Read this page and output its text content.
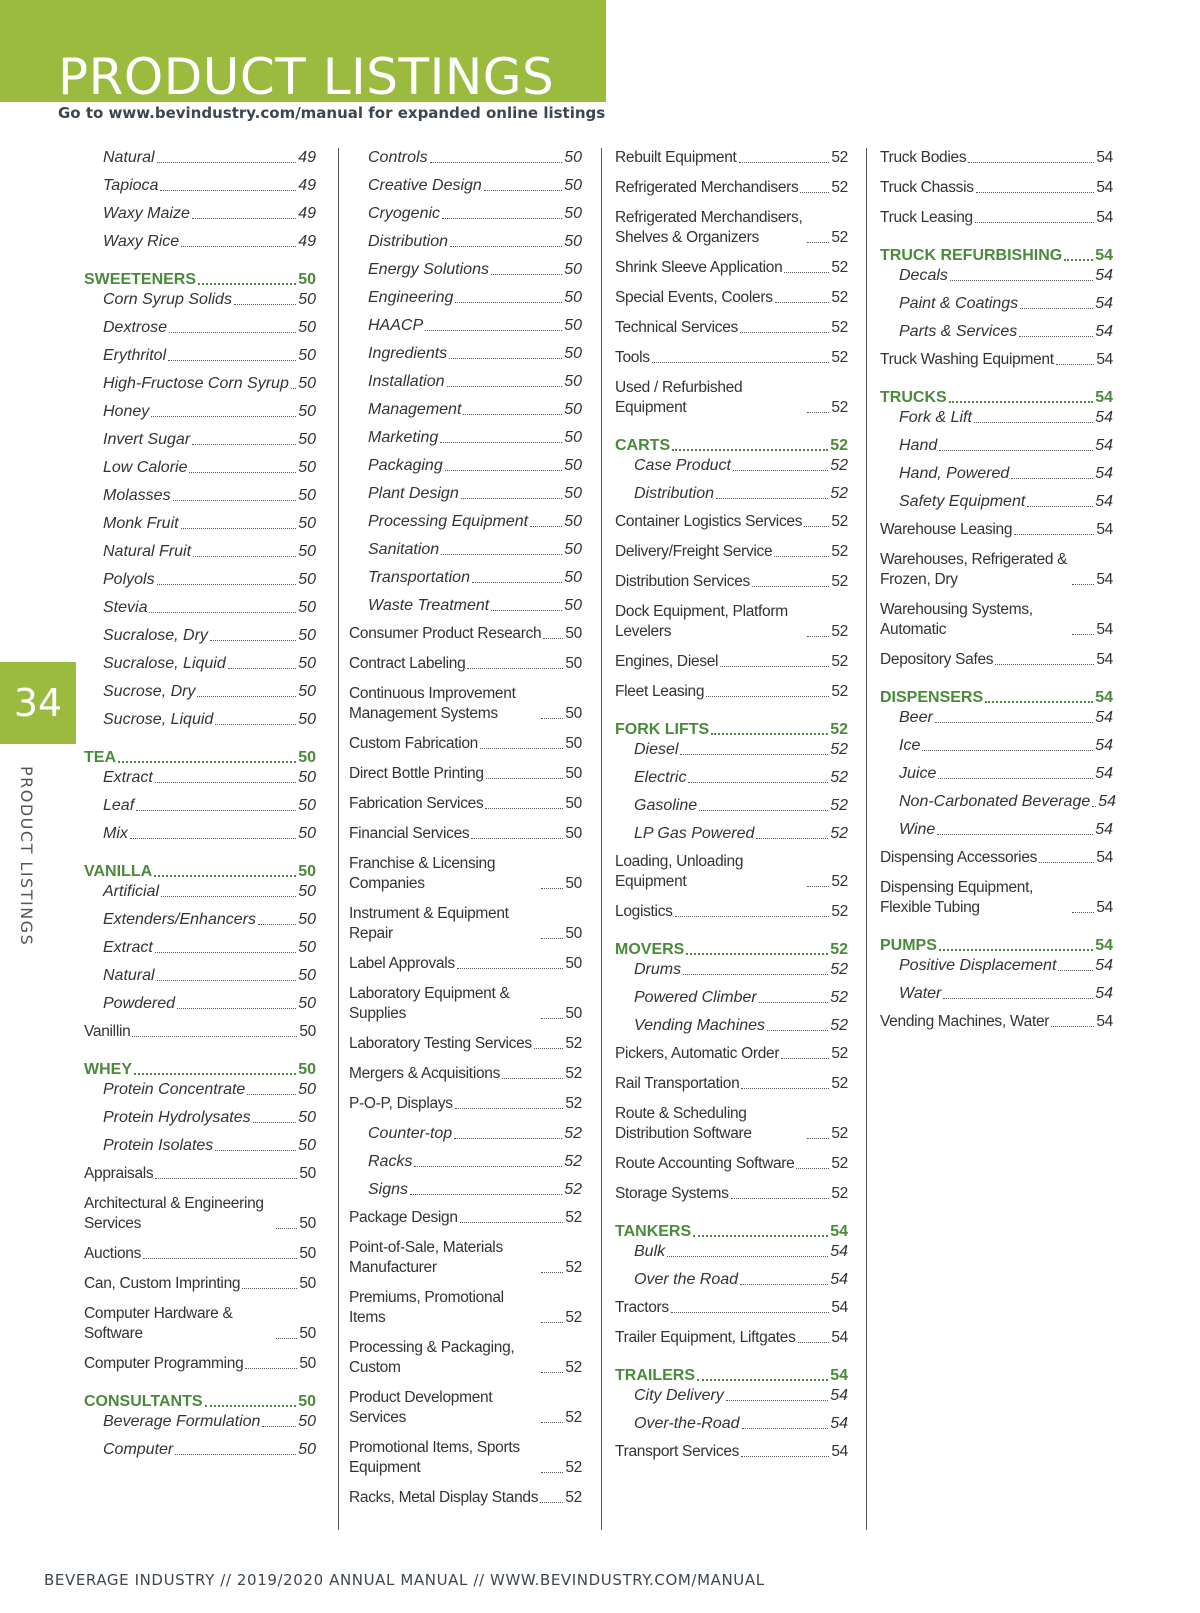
PRODUCT LISTINGS
Go to www.bevindustry.com/manual for expanded online listings
34
PRODUCT LISTINGS
Natural	49
Tapioca	49
Waxy Maize	49
Waxy Rice	49
SWEETENERS	50
Corn Syrup Solids	50
Dextrose	50
Erythritol	50
High-Fructose Corn Syrup 50
Honey	50
Invert Sugar	50
Low Calorie	50
Molasses	50
Monk Fruit	50
Natural Fruit	50
Polyols	50
Stevia	50
Sucralose, Dry	50
Sucralose, Liquid	50
Sucrose, Dry	50
Sucrose, Liquid	50
TEA	50
Extract	50
Leaf	50
Mix	50
VANILLA	50
Artificial	50
Extenders/Enhancers	50
Extract	50
Natural	50
Powdered	50
Vanillin	50
WHEY	50
Protein Concentrate	50
Protein Hydrolysates	50
Protein Isolates	50
Appraisals	50
Architectural & Engineering Services	50
Auctions	50
Can, Custom Imprinting	50
Computer Hardware & Software	50
Computer Programming	50
CONSULTANTS	50
Beverage Formulation 50
Computer	50
Controls	50
Creative Design	50
Cryogenic	50
Distribution	50
Energy Solutions	50
Engineering	50
HAACP	50
Ingredients	50
Installation	50
Management	50
Marketing	50
Packaging	50
Plant Design	50
Processing Equipment 50
Sanitation	50
Transportation	50
Waste Treatment	50
Consumer Product Research 50
Contract Labeling	50
Continuous Improvement Management Systems	50
Custom Fabrication	50
Direct Bottle Printing	50
Fabrication Services	50
Financial Services	50
Franchise & Licensing Companies	50
Instrument & Equipment Repair	50
Label Approvals	50
Laboratory Equipment & Supplies	50
Laboratory Testing Services 52
Mergers & Acquisitions	52
P-O-P, Displays	52
Counter-top	52
Racks	52
Signs	52
Package Design	52
Point-of-Sale, Materials Manufacturer	52
Premiums, Promotional Items	52
Processing & Packaging, Custom	52
Product Development Services	52
Promotional Items, Sports Equipment	52
Racks, Metal Display Stands 52
Rebuilt Equipment	52
Refrigerated Merchandisers 52
Refrigerated Merchandisers, Shelves & Organizers	52
Shrink Sleeve Application	52
Special Events, Coolers	52
Technical Services	52
Tools	52
Used / Refurbished Equipment	52
CARTS	52
Case Product	52
Distribution	52
Container Logistics Services 52
Delivery/Freight Service	52
Distribution Services	52
Dock Equipment, Platform Levelers	52
Engines, Diesel	52
Fleet Leasing	52
FORK LIFTS	52
Diesel	52
Electric	52
Gasoline	52
LP Gas Powered	52
Loading, Unloading Equipment	52
Logistics	52
MOVERS	52
Drums	52
Powered Climber	52
Vending Machines	52
Pickers, Automatic Order	52
Rail Transportation	52
Route & Scheduling Distribution Software	52
Route Accounting Software 52
Storage Systems	52
TANKERS	54
Bulk	54
Over the Road	54
Tractors	54
Trailer Equipment, Liftgates 54
TRAILERS	54
City Delivery	54
Over-the-Road	54
Transport Services	54
Truck Bodies	54
Truck Chassis	54
Truck Leasing	54
TRUCK REFURBISHING 54
Decals	54
Paint & Coatings	54
Parts & Services	54
Truck Washing Equipment	54
TRUCKS	54
Fork & Lift	54
Hand	54
Hand, Powered	54
Safety Equipment	54
Warehouse Leasing	54
Warehouses, Refrigerated & Frozen, Dry	54
Warehousing Systems, Automatic	54
Depository Safes	54
DISPENSERS	54
Beer	54
Ice	54
Juice	54
Non-Carbonated Beverage 54
Wine	54
Dispensing Accessories	54
Dispensing Equipment, Flexible Tubing	54
PUMPS	54
Positive Displacement 54
Water	54
Vending Machines, Water	54
BEVERAGE INDUSTRY // 2019/2020 ANNUAL MANUAL // WWW.BEVINDUSTRY.COM/MANUAL
